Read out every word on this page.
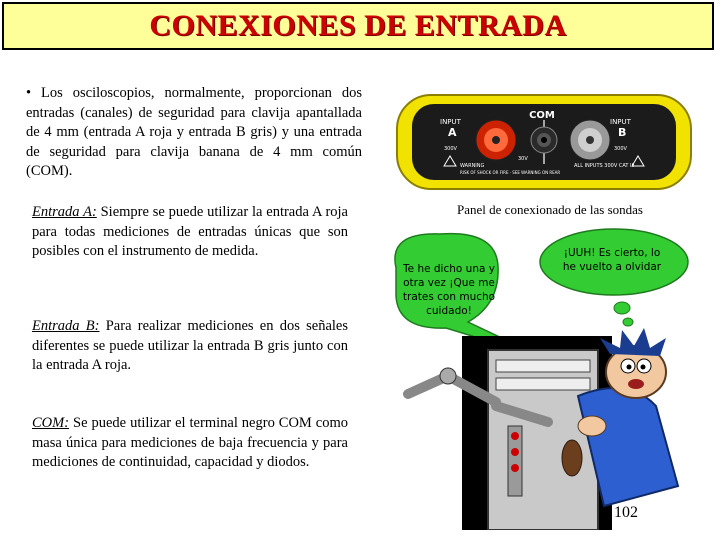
CONEXIONES DE ENTRADA
• Los osciloscopios, normalmente, proporcionan dos entradas (canales) de seguridad para clavija apantallada de 4 mm (entrada A roja y entrada B gris) y una entrada de seguridad para clavija banana de 4 mm común (COM).
Entrada A: Siempre se puede utilizar la entrada A roja para todas mediciones de entradas únicas que son posibles con el instrumento de medida.
Entrada B: Para realizar mediciones en dos señales diferentes se puede utilizar la entrada B gris junto con la entrada A roja.
COM: Se puede utilizar el terminal negro COM como masa única para mediciones de baja frecuencia y para mediciones de continuidad, capacidad y diodos.
COM
INPUT
A
300V
INPUT
B
300V
30V
WARNING
RISK OF SHOCK OR FIRE · SEE WARNING ON REAR
ALL INPUTS 300V CAT III
Panel de conexionado de las sondas
Te he dicho una y otra vez ¡Que me trates con mucho cuidado!
¡UUH! Es cierto, lo he vuelto a olvidar
102
